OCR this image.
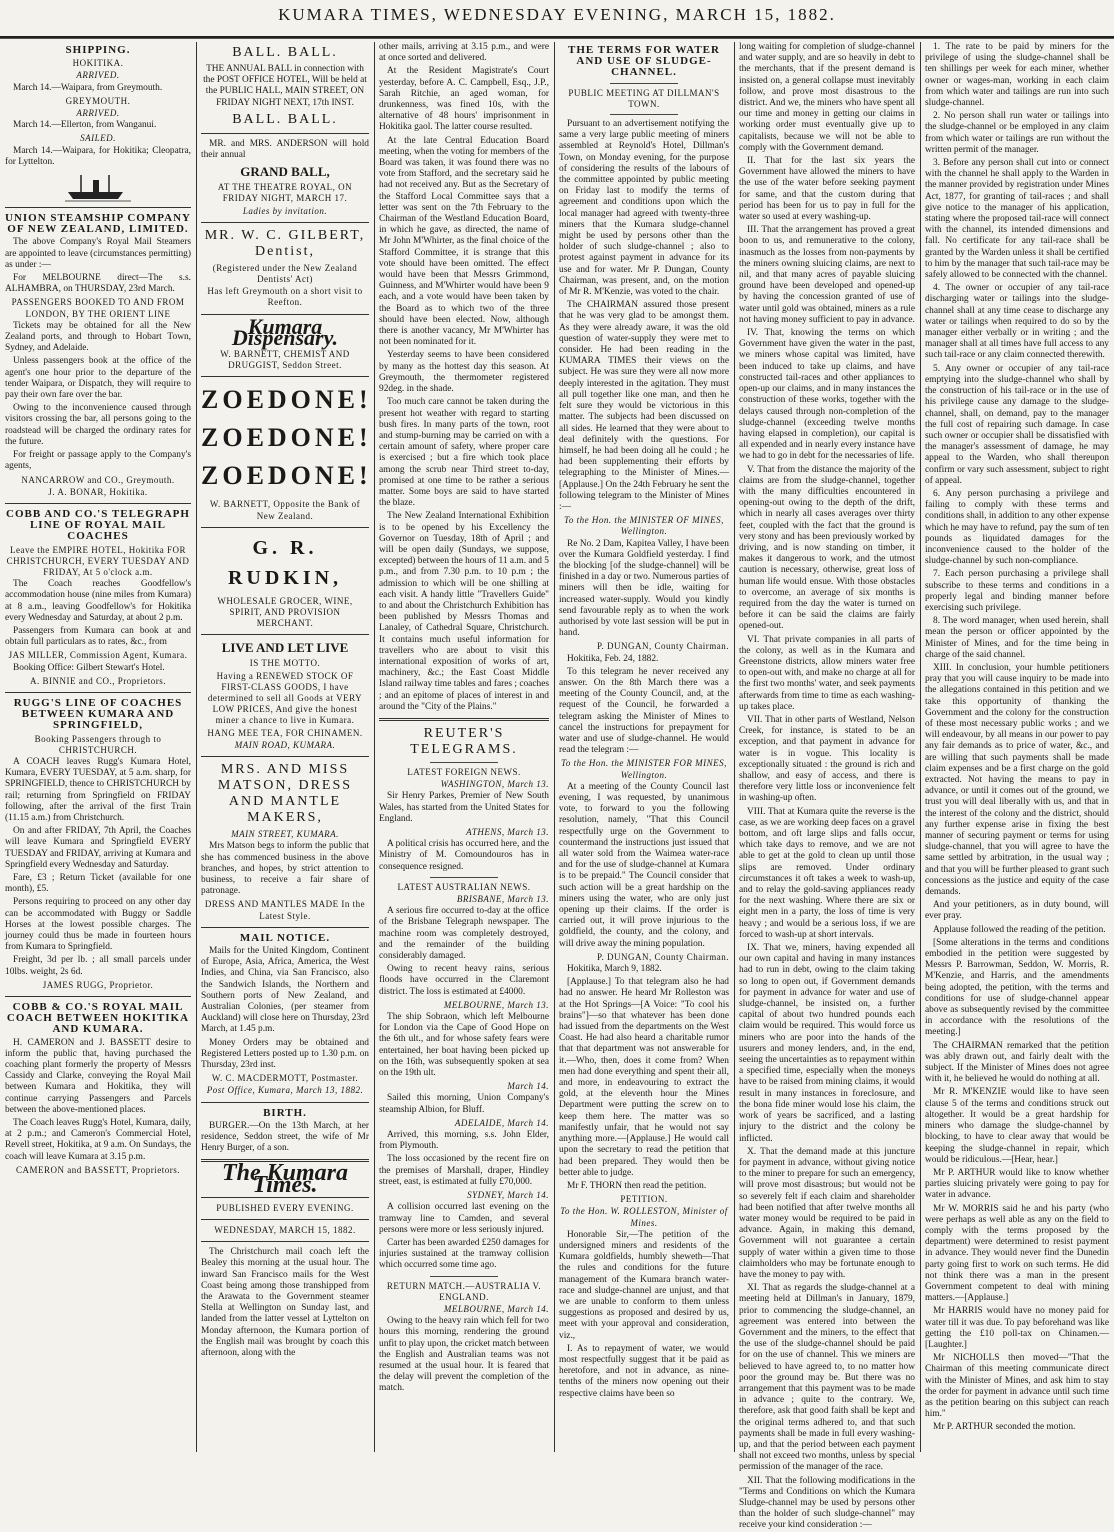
KUMARA TIMES, WEDNESDAY EVENING, MARCH 15, 1882.
SHIPPING.
HOKITIKA.
ARRIVED.

March 14.—Waipara, from Greymouth.

GREYMOUTH.
ARRIVED.

March 14.—Ellerton, from Wanganui.

SAILED.

March 14.—Waipara, for Hokitika; Cleopatra, for Lyttelton.

UNION STEAMSHIP COMPANY OF NEW ZEALAND, LIMITED.

The above Company's Royal Mail Steamers are appointed to leave (circumstances permitting) as under :—

For MELBOURNE direct—The s.s. ALHAMBRA, on THURSDAY, 23rd March.

PASSENGERS BOOKED TO AND FROM LONDON, BY THE ORIENT LINE

Tickets may be obtained for all the New Zealand ports, and through to Hobart Town, Sydney, and Adelaide.

Unless passengers book at the office of the agent's one hour prior to the departure of the tender Waipara, or Dispatch, they will require to pay their own fare over the bar.

Owing to the inconvenience caused through visitors crossing the bar, all persons going to the roadstead will be charged the ordinary rates for the future.

For freight or passage apply to the Company's agents,

NANCARROW and CO., Greymouth.
J. A. BONAR, Hokitika.
COBB AND CO.'S TELEGRAPH LINE OF ROYAL MAIL COACHES
Leave the EMPIRE HOTEL, Hokitika FOR CHRISTCHURCH, EVERY TUESDAY AND FRIDAY, At 5 o'clock a.m.

The Coach reaches Goodfellow's accommodation house (nine miles from Kumara) at 8 a.m., leaving Goodfellow's for Hokitika every Wednesday and Saturday, at about 2 p.m.

Passengers from Kumara can book at and obtain full particulars as to rates, &c., from

JAS MILLER, Commission Agent, Kumara.

Booking Office: Gilbert Stewart's Hotel.

A. BINNIE and CO., Proprietors.
RUGG'S LINE OF COACHES BETWEEN KUMARA AND SPRINGFIELD,
Booking Passengers through to CHRISTCHURCH.

A COACH leaves Rugg's Kumara Hotel, Kumara, EVERY TUESDAY, at 5 a.m. sharp, for SPRINGFIELD, thence to CHRISTCHURCH by rail; returning from Springfield on FRIDAY following, after the arrival of the first Train (11.15 a.m.) from Christchurch.

On and after FRIDAY, 7th April, the Coaches will leave Kumara and Springfield EVERY TUESDAY and FRIDAY, arriving at Kumara and Springfield every Wednesday and Saturday.

Fare, £3 ; Return Ticket (available for one month), £5.

Persons requiring to proceed on any other day can be accommodated with Buggy or Saddle Horses at the lowest possible charges. The journey could thus be made in fourteen hours from Kumara to Springfield.

Freight, 3d per lb. ; all small parcels under 10lbs. weight, 2s 6d.

JAMES RUGG, Proprietor.
COBB & CO.'S ROYAL MAIL COACH BETWEEN HOKITIKA AND KUMARA.

H. CAMERON and J. BASSETT desire to inform the public that, having purchased the coaching plant formerly the property of Messrs Cassidy and Clarke, conveying the Royal Mail between Kumara and Hokitika, they will continue carrying Passengers and Parcels between the above-mentioned places.

The Coach leaves Rugg's Hotel, Kumara, daily, at 2 p.m.; and Cameron's Commercial Hotel, Revell street, Hokitika, at 9 a.m. On Sundays, the coach will leave Kumara at 3.15 p.m.

CAMERON and BASSETT, Proprietors.
BALL. BALL.

THE ANNUAL BALL in connection with the POST OFFICE HOTEL, Will be held at the PUBLIC HALL, MAIN STREET, ON FRIDAY NIGHT NEXT, 17th INST.

BALL. BALL.

MR. and MRS. ANDERSON will hold their annual

GRAND BALL,
AT THE THEATRE ROYAL, ON FRIDAY NIGHT, MARCH 17.
Ladies by invitation.
MR. W. C. GILBERT, Dentist,
(Registered under the New Zealand Dentists' Act)
Has left Greymouth on a short visit to Reefton.
Kumara Dispensary.
W. BARNETT, CHEMIST AND DRUGGIST, Seddon Street.
ZOEDONE!
ZOEDONE!
ZOEDONE!
W. BARNETT, Opposite the Bank of New Zealand.
G. R. RUDKIN,
WHOLESALE GROCER, WINE, SPIRIT, AND PROVISION MERCHANT.
LIVE AND LET LIVE
IS THE MOTTO.
Having a RENEWED STOCK OF FIRST-CLASS GOODS, I have determined to sell all Goods at VERY LOW PRICES, And give the honest miner a chance to live in Kumara.
HANG MEE TEA, FOR CHINAMEN.
MAIN ROAD, KUMARA.
MRS. AND MISS MATSON, DRESS AND MANTLE MAKERS,
MAIN STREET, KUMARA.

Mrs Matson begs to inform the public that she has commenced business in the above branches, and hopes, by strict attention to business, to receive a fair share of patronage.

DRESS AND MANTLES MADE In the Latest Style.
MAIL NOTICE.

Mails for the United Kingdom, Continent of Europe, Asia, Africa, America, the West Indies, and China, via San Francisco, also the Sandwich Islands, the Northern and Southern ports of New Zealand, and Australian Colonies, (per steamer from Auckland) will close here on Thursday, 23rd March, at 1.45 p.m.

Money Orders may be obtained and Registered Letters posted up to 1.30 p.m. on Thursday, 23rd inst.

W. C. MACDERMOTT, Postmaster.
Post Office, Kumara, March 13, 1882.
BIRTH.

BURGER.—On the 13th March, at her residence, Seddon street, the wife of Mr Henry Burger, of a son.

The Kumara Times.
PUBLISHED EVERY EVENING.
WEDNESDAY, MARCH 15, 1882.

The Christchurch mail coach left the Bealey this morning at the usual hour. The inward San Francisco mails for the West Coast being among those transhipped from the Arawata to the Government steamer Stella at Wellington on Sunday last, and landed from the latter vessel at Lyttelton on Monday afternoon, the Kumara portion of the English mail was brought by coach this afternoon, along with the

other mails, arriving at 3.15 p.m., and were at once sorted and delivered.

At the Resident Magistrate's Court yesterday, before A. C. Campbell, Esq., J.P., Sarah Ritchie, an aged woman, for drunkenness, was fined 10s, with the alternative of 48 hours' imprisonment in Hokitika gaol. The latter course resulted.

At the late Central Education Board meeting, when the voting for members of the Board was taken, it was found there was no vote from Stafford, and the secretary said he had not received any. But as the Secretary of the Stafford Local Committee says that a letter was sent on the 7th February to the Chairman of the Westland Education Board, in which he gave, as directed, the name of Mr John M'Whirter, as the final choice of the Stafford Committee, it is strange that this vote should have been omitted. The effect would have been that Messrs Grimmond, Guinness, and M'Whirter would have been 9 each, and a vote would have been taken by the Board as to which two of the three should have been elected. Now, although there is another vacancy, Mr M'Whirter has not been nominated for it.

Yesterday seems to have been considered by many as the hottest day this season. At Greymouth, the thermometer registered 92deg. in the shade.

Too much care cannot be taken during the present hot weather with regard to starting bush fires. In many parts of the town, root and stump-burning may be carried on with a certain amount of safety, where proper care is exercised ; but a fire which took place among the scrub near Third street to-day, promised at one time to be rather a serious matter. Some boys are said to have started the blaze.

The New Zealand International Exhibition is to be opened by his Excellency the Governor on Tuesday, 18th of April ; and will be open daily (Sundays, we suppose, excepted) between the hours of 11 a.m. and 5 p.m., and from 7.30 p.m. to 10 p.m ; the admission to which will be one shilling at each visit. A handy little "Travellers Guide" to and about the Christchurch Exhibition has been published by Messrs Thomas and Lanaley, of Cathedral Square, Christchurch. It contains much useful information for travellers who are about to visit this international exposition of works of art, machinery, &c.; the East Coast Middle Island railway time tables and fares ; coaches ; and an epitome of places of interest in and around the "City of the Plains."

REUTER'S TELEGRAMS.
LATEST FOREIGN NEWS.
WASHINGTON, March 13.

Sir Henry Parkes, Premier of New South Wales, has started from the United States for England.

ATHENS, March 13.

A political crisis has occurred here, and the Ministry of M. Comoundouros has in consequence resigned.

LATEST AUSTRALIAN NEWS.
BRISBANE, March 13.

A serious fire occurred to-day at the office of the Brisbane Telegraph newspaper. The machine room was completely destroyed, and the remainder of the building considerably damaged.

Owing to recent heavy rains, serious floods have occurred in the Claremont district. The loss is estimated at £4000.

MELBOURNE, March 13.

The ship Sobraon, which left Melbourne for London via the Cape of Good Hope on the 6th ult., and for whose safety fears were entertained, her boat having been picked up on the 16th, was subsequently spoken at sea on the 19th ult.

March 14.

Sailed this morning, Union Company's steamship Albion, for Bluff.

ADELAIDE, March 14.

Arrived, this morning, s.s. John Elder, from Plymouth.

The loss occasioned by the recent fire on the premises of Marshall, draper, Hindley street, east, is estimated at fully £70,000.

SYDNEY, March 14.

A collision occurred last evening on the tramway line to Camden, and several persons were more or less seriously injured.

Carter has been awarded £250 damages for injuries sustained at the tramway collision which occurred some time ago.

RETURN MATCH.—AUSTRALIA V. ENGLAND.
MELBOURNE, March 14.

Owing to the heavy rain which fell for two hours this morning, rendering the ground unfit to play upon, the cricket match between the English and Australian teams was not resumed at the usual hour. It is feared that the delay will prevent the completion of the match.

THE TERMS FOR WATER AND USE OF SLUDGE-CHANNEL.
PUBLIC MEETING AT DILLMAN'S TOWN.

Pursuant to an advertisement notifying the same a very large public meeting of miners assembled at Reynold's Hotel, Dillman's Town, on Monday evening, for the purpose of considering the results of the labours of the committee appointed by public meeting on Friday last to modify the terms of agreement and conditions upon which the local manager had agreed with twenty-three miners that the Kumara sludge-channel might be used by persons other than the holder of such sludge-channel ; also to protest against payment in advance for its use and for water. Mr P. Dungan, County Chairman, was present, and, on the motion of Mr R. M'Kenzie, was voted to the chair.

The CHAIRMAN assured those present that he was very glad to be amongst them. As they were already aware, it was the old question of water-supply they were met to consider. He had been reading in the KUMARA TIMES their views on the subject. He was sure they were all now more deeply interested in the agitation. They must all pull together like one man, and then he felt sure they would be victorious in this matter. The subjects had been discussed on all sides. He learned that they were about to deal definitely with the questions. For himself, he had been doing all he could ; he had been supplementing their efforts by telegraphing to the Minister of Mines.—[Applause.] On the 24th February he sent the following telegram to the Minister of Mines :—

To the Hon. the MINISTER OF MINES, Wellington.

Re No. 2 Dam, Kapitea Valley, I have been over the Kumara Goldfield yesterday. I find the blocking [of the sludge-channel] will be finished in a day or two. Numerous parties of miners will then be idle, waiting for increased water-supply. Would you kindly send favourable reply as to when the work authorised by vote last session will be put in hand.

P. DUNGAN, County Chairman.

Hokitika, Feb. 24, 1882.

To this telegram he never received any answer. On the 8th March there was a meeting of the County Council, and, at the request of the Council, he forwarded a telegram asking the Minister of Mines to cancel the instructions for prepayment for water and use of sludge-channel. He would read the telegram :—

To the Hon. the MINISTER FOR MINES, Wellington.

At a meeting of the County Council last evening, I was requested, by unanimous vote, to forward to you the following resolution, namely, "That this Council respectfully urge on the Government to countermand the instructions just issued that all water sold from the Waimea water-race and for the use of sludge-channel at Kumara is to be prepaid." The Council consider that such action will be a great hardship on the miners using the water, who are only just opening up their claims. If the order is carried out, it will prove injurious to the goldfield, the county, and the colony, and will drive away the mining population.

P. DUNGAN, County Chairman.

Hokitika, March 9, 1882.

[Applause.] To that telegram also he had had no answer. He heard Mr Rolleston was at the Hot Springs—[A Voice: "To cool his brains"]—so that whatever has been done had issued from the departments on the West Coast. He had also heard a charitable rumor that that department was not answerable for it.—Who, then, does it come from? When men had done everything and spent their all, and more, in endeavouring to extract the gold, at the eleventh hour the Mines Department were putting the screw on to keep them here. The matter was so manifestly unfair, that he would not say anything more.—[Applause.] He would call upon the secretary to read the petition that had been prepared. They would then be better able to judge.

Mr F. THORN then read the petition.

PETITION.
To the Hon. W. ROLLESTON, Minister of Mines.

Honorable Sir,—The petition of the undersigned miners and residents of the Kumara goldfields, humbly sheweth—That the rules and conditions for the future management of the Kumara branch water-race and sludge-channel are unjust, and that we are unable to conform to them unless suggestions as proposed and desired by us, meet with your approval and consideration, viz.,

I. As to repayment of water, we would most respectfully suggest that it be paid as heretofore, and not in advance, as nine-tenths of the miners now opening out their respective claims have been so

long waiting for completion of sludge-channel and water supply, and are so heavily in debt to the merchants, that if the present demand is insisted on, a general collapse must inevitably follow, and prove most disastrous to the district. And we, the miners who have spent all our time and money in getting our claims in working order must eventually give up to capitalists, because we will not be able to comply with the Government demand.

II. That for the last six years the Government have allowed the miners to have the use of the water before seeking payment for same, and that the custom during that period has been for us to pay in full for the water so used at every washing-up.

III. That the arrangement has proved a great boon to us, and remunerative to the colony, inasmuch as the losses from non-payments by the miners owning sluicing claims, are next to nil, and that many acres of payable sluicing ground have been developed and opened-up by having the concession granted of use of water until gold was obtained, miners as a rule not having money sufficient to pay in advance.

IV. That, knowing the terms on which Government have given the water in the past, we miners whose capital was limited, have been induced to take up claims, and have constructed tail-races and other appliances to open-up our claims, and in many instances the construction of these works, together with the delays caused through non-completion of the sludge-channel (exceeding twelve months having elapsed in completion), our capital is all expended and in nearly every instance have we had to go in debt for the necessaries of life.

V. That from the distance the majority of the claims are from the sludge-channel, together with the many difficulties encountered in opening-out owing to the depth of the drift, which in nearly all cases averages over thirty feet, coupled with the fact that the ground is very stony and has been previously worked by driving, and is now standing on timber, it makes it dangerous to work, and the utmost caution is necessary, otherwise, great loss of human life would ensue. With those obstacles to overcome, an average of six months is required from the day the water is turned on before it can be said the claims are fairly opened-out.

VI. That private companies in all parts of the colony, as well as in the Kumara and Greenstone districts, allow miners water free to open-out with, and make no charge at all for the first two months' water, and seek payments afterwards from time to time as each washing-up takes place.

VII. That in other parts of Westland, Nelson Creek, for instance, is stated to be an exception, and that payment in advance for water is in vogue. This locality is exceptionally situated : the ground is rich and shallow, and easy of access, and there is therefore very little loss or inconvenience felt in washing-up often.

VIII. That at Kumara quite the reverse is the case, as we are working deep faces on a gravel bottom, and oft large slips and falls occur, which take days to remove, and we are not able to get at the gold to clean up until those slips are removed. Under ordinary circumstances it oft takes a week to wash-up, and to relay the gold-saving appliances ready for the next washing. Where there are six or eight men in a party, the loss of time is very heavy ; and would be a serious loss, if we are forced to wash-up at short intervals.

IX. That we, miners, having expended all our own capital and having in many instances had to run in debt, owing to the claim taking so long to open out, if Government demands for payment in advance for water and use of sludge-channel, be insisted on, a further capital of about two hundred pounds each claim would be required. This would force us miners who are poor into the hands of the usurers and money lenders, and, in the end, seeing the uncertainties as to repayment within a specified time, especially when the moneys have to be raised from mining claims, it would result in many instances in foreclosure, and the bona fide miner would lose his claim, the work of years be sacrificed, and a lasting injury to the district and the colony be inflicted.

X. That the demand made at this juncture for payment in advance, without giving notice to the miner to prepare for such an emergency, will prove most disastrous; but would not be so severely felt if each claim and shareholder had been notified that after twelve months all water money would be required to be paid in advance. Again, in making this demand, Government will not guarantee a certain supply of water within a given time to those claimholders who may be fortunate enough to have the money to pay with.

XI. That as regards the sludge-channel at a meeting held at Dillman's in January, 1879, prior to commencing the sludge-channel, an agreement was entered into between the Government and the miners, to the effect that the use of the sludge-channel should be paid for on the use of channel. This we miners are believed to have agreed to, to no matter how poor the ground may be. But there was no arrangement that this payment was to be made in advance ; quite to the contrary. We, therefore, ask that good faith shall be kept and the original terms adhered to, and that such payments shall be made in full every washing-up, and that the period between each payment shall not exceed two months, unless by special permission of the manager of the race.

XII. That the following modifications in the "Terms and Conditions on which the Kumara Sludge-channel may be used by persons other than the holder of such sludge-channel" may receive your kind consideration :—

1. The rate to be paid by miners for the privilege of using the sludge-channel shall be ten shillings per week for each miner, whether owner or wages-man, working in each claim from which water and tailings are run into such sludge-channel.

2. No person shall run water or tailings into the sludge-channel or be employed in any claim from which water or tailings are run without the written permit of the manager.

3. Before any person shall cut into or connect with the channel he shall apply to the Warden in the manner provided by registration under Mines Act, 1877, for granting of tail-races ; and shall give notice to the manager of his application, stating where the proposed tail-race will connect with the channel, its intended dimensions and fall. No certificate for any tail-race shall be granted by the Warden unless it shall be certified to him by the manager that such tail-race may be safely allowed to be connected with the channel.

4. The owner or occupier of any tail-race discharging water or tailings into the sludge-channel shall at any time cease to discharge any water or tailings when required to do so by the manager either verbally or in writing ; and the manager shall at all times have full access to any such tail-race or any claim connected therewith.

5. Any owner or occupier of any tail-race emptying into the sludge-channel who shall by the construction of his tail-race or in the use of his privilege cause any damage to the sludge-channel, shall, on demand, pay to the manager the full cost of repairing such damage. In case such owner or occupier shall be dissatisfied with the manager's assessment of damage, he may appeal to the Warden, who shall thereupon confirm or vary such assessment, subject to right of appeal.

6. Any person purchasing a privilege and failing to comply with these terms and conditions shall, in addition to any other expense which he may have to refund, pay the sum of ten pounds as liquidated damages for the inconvenience caused to the holder of the sludge-channel by such non-compliance.

7. Each person purchasing a privilege shall subscribe to these terms and conditions in a properly legal and binding manner before exercising such privilege.

8. The word manager, when used herein, shall mean the person or officer appointed by the Minister of Mines, and for the time being in charge of the said channel.

XIII. In conclusion, your humble petitioners pray that you will cause inquiry to be made into the allegations contained in this petition and we take this opportunity of thanking the Government and the colony for the construction of these most necessary public works ; and we will endeavour, by all means in our power to pay any fair demands as to price of water, &c., and are willing that such payments shall be made claim expenses and be a first charge on the gold extracted. Not having the means to pay in advance, or until it comes out of the ground, we trust you will deal liberally with us, and that in the interest of the colony and the district, should any further expense arise in fixing the best manner of securing payment or terms for using sludge-channel, that you will agree to have the same settled by arbitration, in the usual way ; and that you will be further pleased to grant such concessions as the justice and equity of the case demands.

And your petitioners, as in duty bound, will ever pray.

Applause followed the reading of the petition.

[Some alterations in the terms and conditions embodied in the petition were suggested by Messrs P. Barrowman, Seddon, W. Morris, R. M'Kenzie, and Harris, and the amendments being adopted, the petition, with the terms and conditions for use of sludge-channel appear above as subsequently revised by the committee in accordance with the resolutions of the meeting.]

The CHAIRMAN remarked that the petition was ably drawn out, and fairly dealt with the subject. If the Minister of Mines does not agree with it, he believed he would do nothing at all.

Mr R. M'KENZIE would like to have seen clause 5 of the terms and conditions struck out altogether. It would be a great hardship for miners who damage the sludge-channel by blocking, to have to clear away that would be keeping the sludge-channel in repair, which would be ridiculous.—[Hear, hear.]

Mr P. ARTHUR would like to know whether parties sluicing privately were going to pay for water in advance.

Mr W. MORRIS said he and his party (who were perhaps as well able as any on the field to comply with the terms proposed by the department) were determined to resist payment in advance. They would never find the Dunedin party going first to work on such terms. He did not think there was a man in the present Government competent to deal with mining matters.—[Applause.]

Mr HARRIS would have no money paid for water till it was due. To pay beforehand was like getting the £10 poll-tax on Chinamen.—[Laughter.]

Mr NICHOLLS then moved—"That the Chairman of this meeting communicate direct with the Minister of Mines, and ask him to stay the order for payment in advance until such time as the petition bearing on this subject can reach him."

Mr P. ARTHUR seconded the motion.
